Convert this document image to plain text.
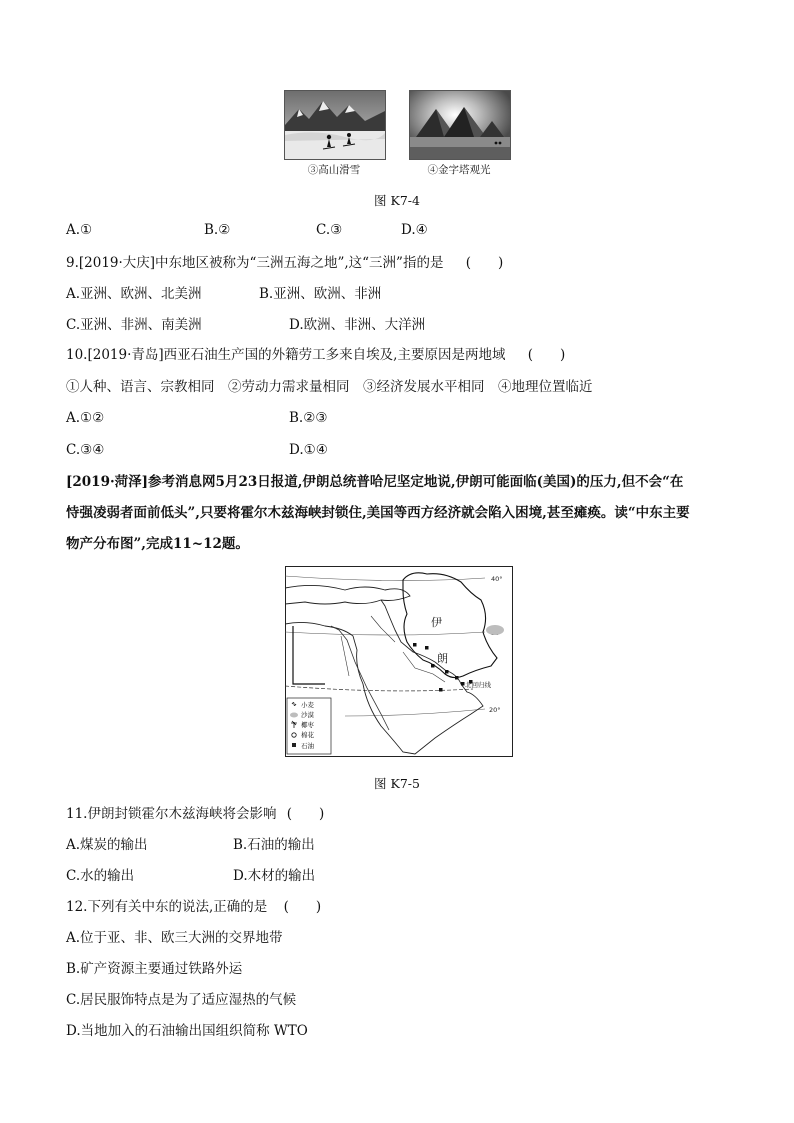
③高山滑雪	④金字塔观光
图 K7-4
A.①	B.②	C.③	D.④
9.[2019·大庆]中东地区被称为“三洲五海之地”,这“三洲”指的是 (　　)
A.亚洲、欧洲、北美洲	B.亚洲、欧洲、非洲
C.亚洲、非洲、南美洲	D.欧洲、非洲、大洋洲
10.[2019·青岛]西亚石油生产国的外籍劳工多来自埃及,主要原因是两地域 (　　)
①人种、语言、宗教相同　②劳动力需求量相同　③经济发展水平相同　④地理位置临近
A.①②	B.②③
C.③④	D.①④
[2019·菏泽]参考消息网5月23日报道,伊朗总统普哈尼坚定地说,伊朗可能面临(美国)的压力,但不会“在
恃强凌弱者面前低头”,只要将霍尔木兹海峡封锁住,美国等西方经济就会陷入困境,甚至瘫痪。读“中东主要
物产分布图”,完成11~12题。
40°
20°
伊
朗
北回归线
小麦
沙漠
椰枣
棉花
石油
图 K7-5
11.伊朗封锁霍尔木兹海峡将会影响 (　　)
A.煤炭的输出	B.石油的输出
C.水的输出	D.木材的输出
12.下列有关中东的说法,正确的是 (　　)
A.位于亚、非、欧三大洲的交界地带
B.矿产资源主要通过铁路外运
C.居民服饰特点是为了适应湿热的气候
D.当地加入的石油输出国组织简称 WTO
